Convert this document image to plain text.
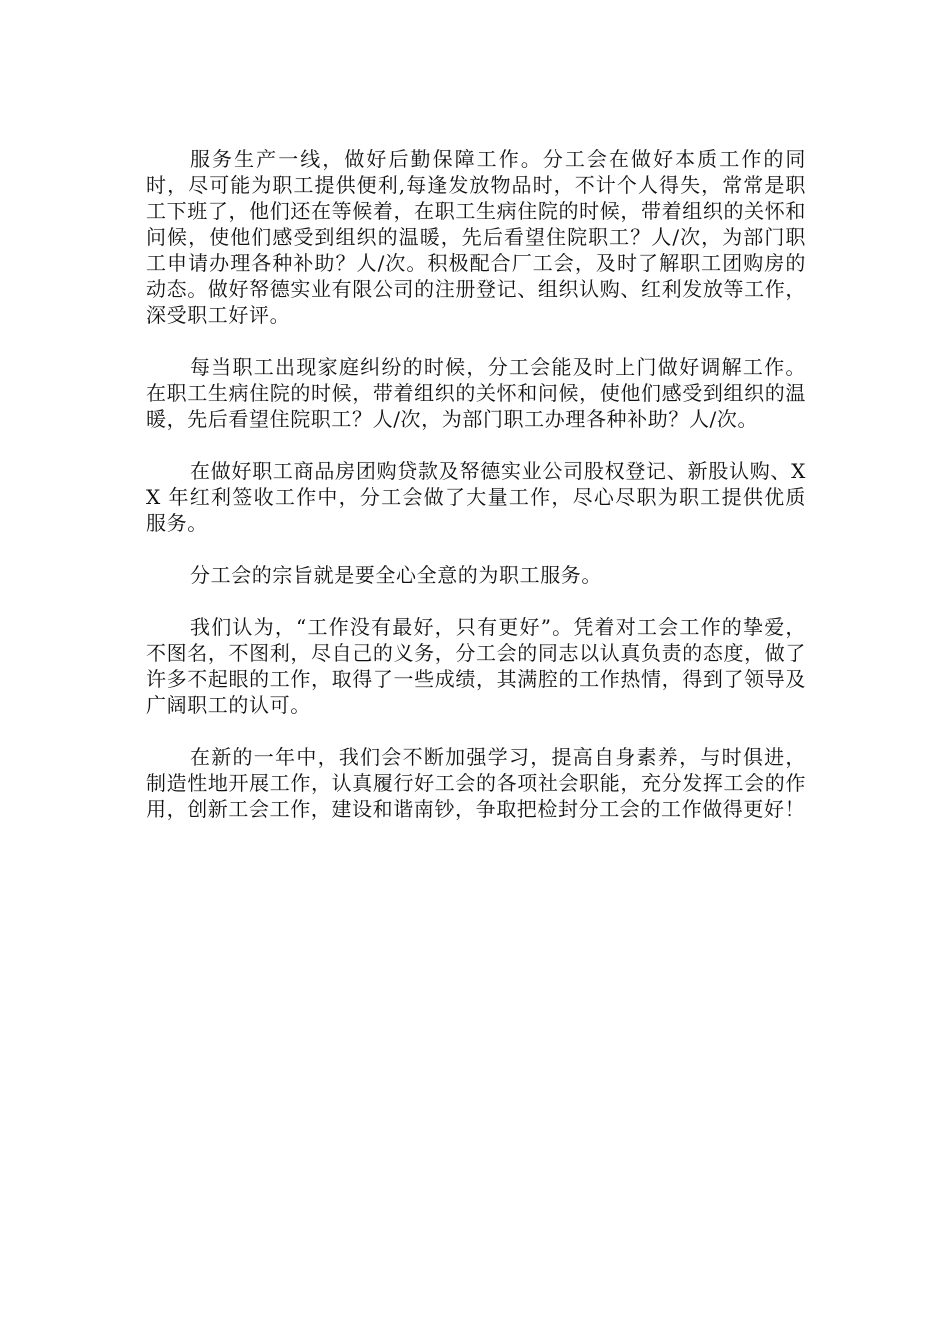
服务生产一线，做好后勤保障工作。分工会在做好本质工作的同时，尽可能为职工提供便利,每逢发放物品时，不计个人得失，常常是职工下班了，他们还在等候着，在职工生病住院的时候，带着组织的关怀和问候，使他们感受到组织的温暖，先后看望住院职工？人/次，为部门职工申请办理各种补助？人/次。积极配合厂工会，及时了解职工团购房的动态。做好帑德实业有限公司的注册登记、组织认购、红利发放等工作，深受职工好评。

每当职工出现家庭纠纷的时候，分工会能及时上门做好调解工作。在职工生病住院的时候，带着组织的关怀和问候，使他们感受到组织的温暖，先后看望住院职工？人/次，为部门职工办理各种补助？人/次。

在做好职工商品房团购贷款及帑德实业公司股权登记、新股认购、XX 年红利签收工作中，分工会做了大量工作，尽心尽职为职工提供优质服务。

分工会的宗旨就是要全心全意的为职工服务。

我们认为，“工作没有最好，只有更好”。凭着对工会工作的挚爱，不图名，不图利，尽自己的义务，分工会的同志以认真负责的态度，做了许多不起眼的工作，取得了一些成绩，其满腔的工作热情，得到了领导及广阔职工的认可。

在新的一年中，我们会不断加强学习，提高自身素养，与时俱进，制造性地开展工作，认真履行好工会的各项社会职能，充分发挥工会的作用，创新工会工作，建设和谐南钞，争取把检封分工会的工作做得更好！
